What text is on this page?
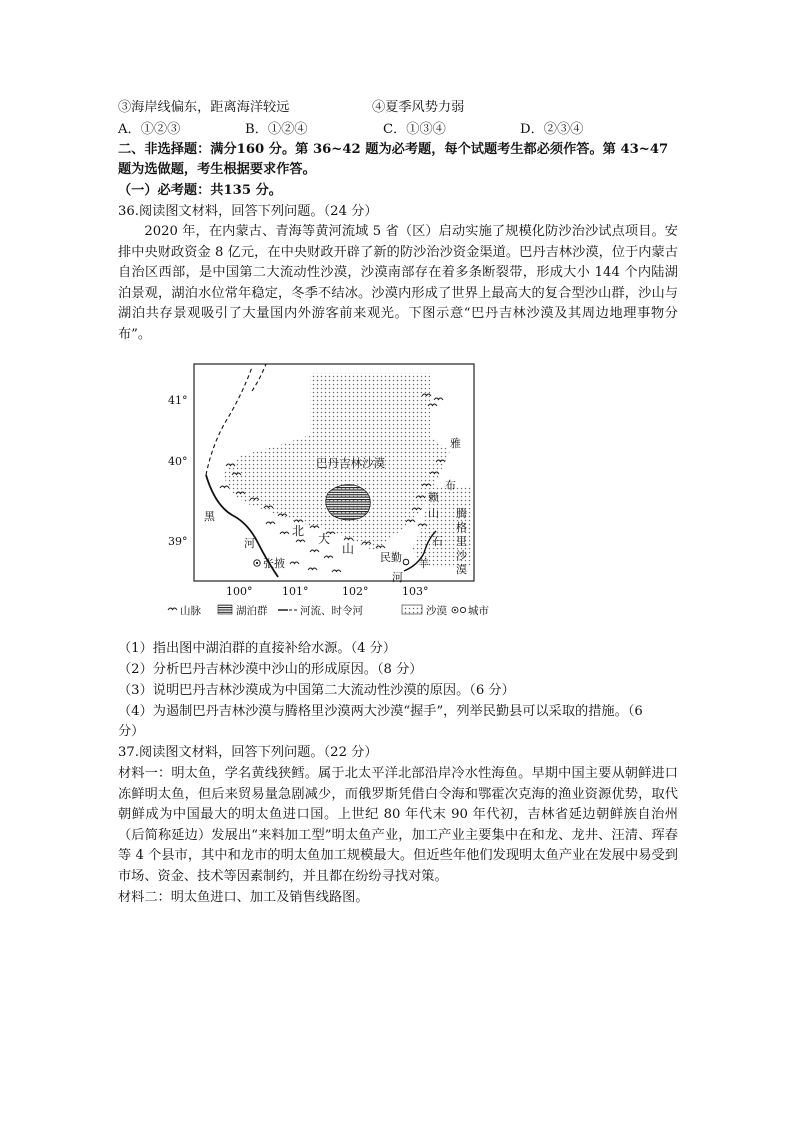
③海岸线偏东，距离海洋较远	④夏季风势力弱
A．①②③	B．①②④	C．①③④	D．②③④
二、非选择题：满分160 分。第 36~42 题为必考题，每个试题考生都必须作答。第 43~47
题为选做题，考生根据要求作答。
（一）必考题：共135 分。
36.阅读图文材料，回答下列问题。（24 分）
2020 年，在内蒙古、青海等黄河流域 5 省（区）启动实施了规模化防沙治沙试点项目。安排中央财政资金 8 亿元，在中央财政开辟了新的防沙治沙资金渠道。巴丹吉林沙漠，位于内蒙古自治区西部，是中国第二大流动性沙漠，沙漠南部存在着多条断裂带，形成大小 144 个内陆湖泊景观，湖泊水位常年稳定，冬季不结冰。沙漠内形成了世界上最高大的复合型沙山群，沙山与湖泊共存景观吸引了大量国内外游客前来观光。下图示意“巴丹吉林沙漠及其周边地理事物分布”。
41°
40°
39°
100°	101°	102°	103°
巴丹吉林沙漠
北
大
山
雅
布
赖
山 腾
格
里
沙
漠
黑
河	石
羊
河
张掖	民勤
山脉	湖泊群	河流、时令河	沙漠 城市
（1）指出图中湖泊群的直接补给水源。（4 分）
（2）分析巴丹吉林沙漠中沙山的形成原因。（8 分）
（3）说明巴丹吉林沙漠成为中国第二大流动性沙漠的原因。（6 分）
（4）为遏制巴丹吉林沙漠与腾格里沙漠两大沙漠“握手”，列举民勤县可以采取的措施。（6
分）
37.阅读图文材料，回答下列问题。（22 分）
材料一：明太鱼，学名黄线狭鳕。属于北太平洋北部沿岸冷水性海鱼。早期中国主要从朝鲜进口冻鲜明太鱼，但后来贸易量急剧减少，而俄罗斯凭借白令海和鄂霍次克海的渔业资源优势，取代朝鲜成为中国最大的明太鱼进口国。上世纪 80 年代末 90 年代初，吉林省延边朝鲜族自治州（后简称延边）发展出“来料加工型”明太鱼产业，加工产业主要集中在和龙、龙井、汪清、珲春等 4 个县市，其中和龙市的明太鱼加工规模最大。但近些年他们发现明太鱼产业在发展中易受到市场、资金、技术等因素制约，并且都在纷纷寻找对策。
材料二：明太鱼进口、加工及销售线路图。
